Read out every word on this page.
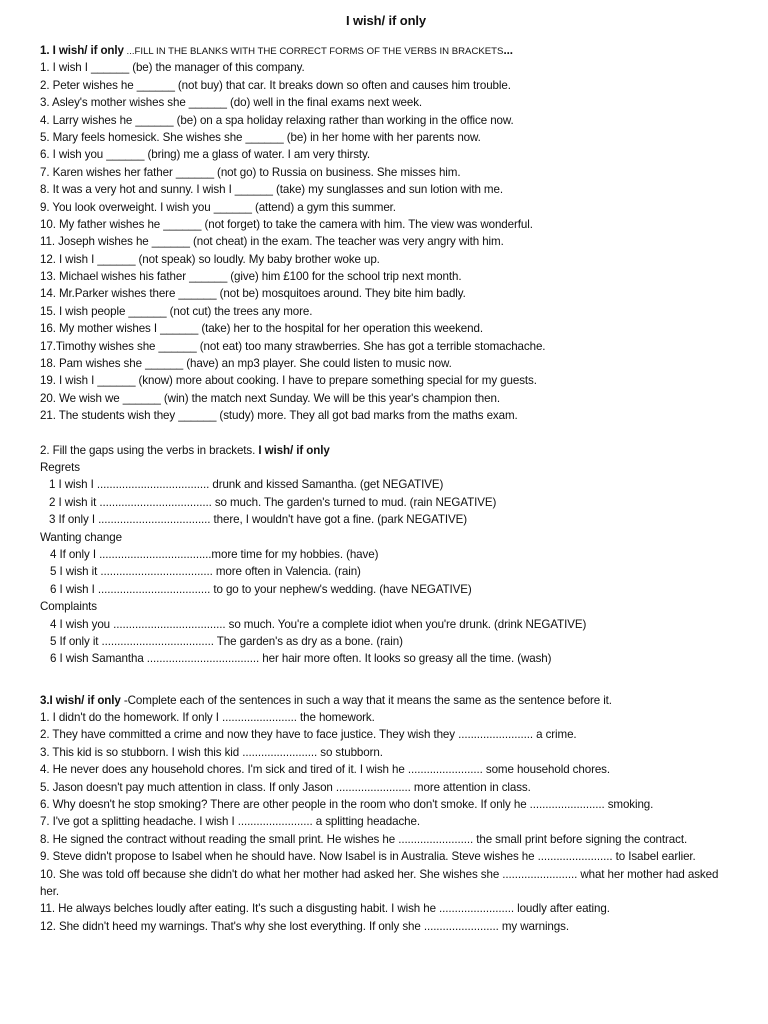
I wish/ if only
1. I wish/ if only ...FILL IN THE BLANKS WITH THE CORRECT FORMS OF THE VERBS IN BRACKETS...
1. I wish I ______ (be) the manager of this company.
2. Peter wishes he ______ (not buy) that car. It breaks down so often and causes him trouble.
3. Asley's mother wishes she ______ (do) well in the final exams next week.
4. Larry wishes he ______ (be) on a spa holiday relaxing rather than working in the office now.
5. Mary feels homesick. She wishes she ______ (be) in her home with her parents now.
6. I wish you ______ (bring) me a glass of water. I am very thirsty.
7. Karen wishes her father ______ (not go) to Russia on business. She misses him.
8. It was a very hot and sunny. I wish I ______ (take) my sunglasses and sun lotion with me.
9. You look overweight. I wish you ______ (attend) a gym this summer.
10. My father wishes he ______ (not forget) to take the camera with him. The view was wonderful.
11. Joseph wishes he ______ (not cheat) in the exam. The teacher was very angry with him.
12. I wish I ______ (not speak) so loudly. My baby brother woke up.
13. Michael wishes his father ______ (give) him £100 for the school trip next month.
14. Mr.Parker wishes there ______ (not be) mosquitoes around. They bite him badly.
15. I wish people ______ (not cut) the trees any more.
16. My mother wishes I ______ (take) her to the hospital for her operation this weekend.
17.Timothy wishes she ______ (not eat) too many strawberries. She has got a terrible stomachache.
18. Pam wishes she ______ (have) an mp3 player. She could listen to music now.
19. I wish I ______ (know) more about cooking. I have to prepare something special for my guests.
20. We wish we ______ (win) the match next Sunday. We will be this year's champion then.
21. The students wish they ______ (study) more. They all got bad marks from the maths exam.
2. Fill the gaps using the verbs in brackets. I wish/ if only
Regrets
1 I wish I .................................... drunk and kissed Samantha. (get NEGATIVE)
2 I wish it .................................... so much. The garden's turned to mud. (rain NEGATIVE)
3 If only I .................................... there, I wouldn't have got a fine. (park NEGATIVE)
Wanting change
4 If only I ....................................more time for my hobbies. (have)
5 I wish it .................................... more often in Valencia. (rain)
6 I wish I .................................... to go to your nephew's wedding. (have NEGATIVE)
Complaints
4 I wish you .................................... so much. You're a complete idiot when you're drunk. (drink NEGATIVE)
5 If only it .................................... The garden's as dry as a bone. (rain)
6 I wish Samantha .................................... her hair more often. It looks so greasy all the time. (wash)
3.I wish/ if only -Complete each of the sentences in such a way that it means the same as the sentence before it.
1. I didn't do the homework. If only I ........................ the homework.
2. They have committed a crime and now they have to face justice. They wish they ........................ a crime.
3. This kid is so stubborn. I wish this kid ........................ so stubborn.
4. He never does any household chores. I'm sick and tired of it. I wish he ........................ some household chores.
5. Jason doesn't pay much attention in class. If only Jason ........................ more attention in class.
6. Why doesn't he stop smoking? There are other people in the room who don't smoke. If only he ........................ smoking.
7. I've got a splitting headache. I wish I ........................ a splitting headache.
8. He signed the contract without reading the small print. He wishes he ........................ the small print before signing the contract.
9. Steve didn't propose to Isabel when he should have. Now Isabel is in Australia. Steve wishes he ........................ to Isabel earlier.
10. She was told off because she didn't do what her mother had asked her. She wishes she ........................ what her mother had asked her.
11. He always belches loudly after eating. It's such a disgusting habit. I wish he ........................ loudly after eating.
12. She didn't heed my warnings. That's why she lost everything. If only she ........................ my warnings.
